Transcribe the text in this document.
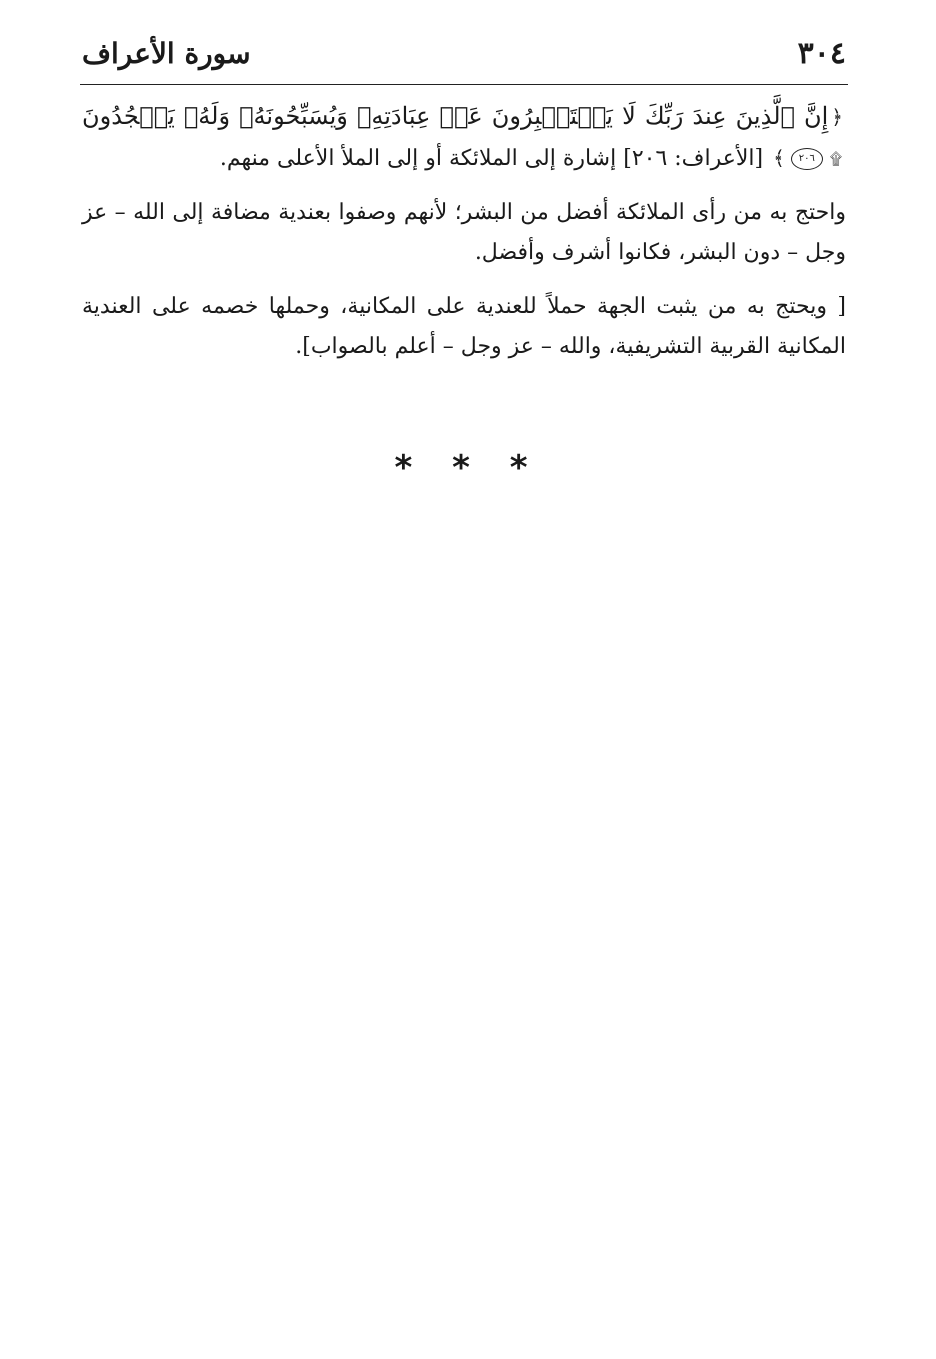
٣٠٤
سورة الأعراف

﴿إِنَّ ٱلَّذِينَ عِندَ رَبِّكَ لَا يَسۡتَكۡبِرُونَ عَنۡ عِبَادَتِهِۦ وَيُسَبِّحُونَهُۥ وَلَهُۥ يَسۡجُدُونَ۩٢٠٦﴾ [الأعراف: ٢٠٦] إشارة إلى الملائكة أو إلى الملأ الأعلى منهم.

واحتج به من رأى الملائكة أفضل من البشر؛ لأنهم وصفوا بعندية مضافة إلى الله – عز وجل – دون البشر، فكانوا أشرف وأفضل.

[ ويحتج به من يثبت الجهة حملاً للعندية على المكانية، وحملها خصمه على العندية المكانية القربية التشريفية، والله – عز وجل – أعلم بالصواب].

* * *
